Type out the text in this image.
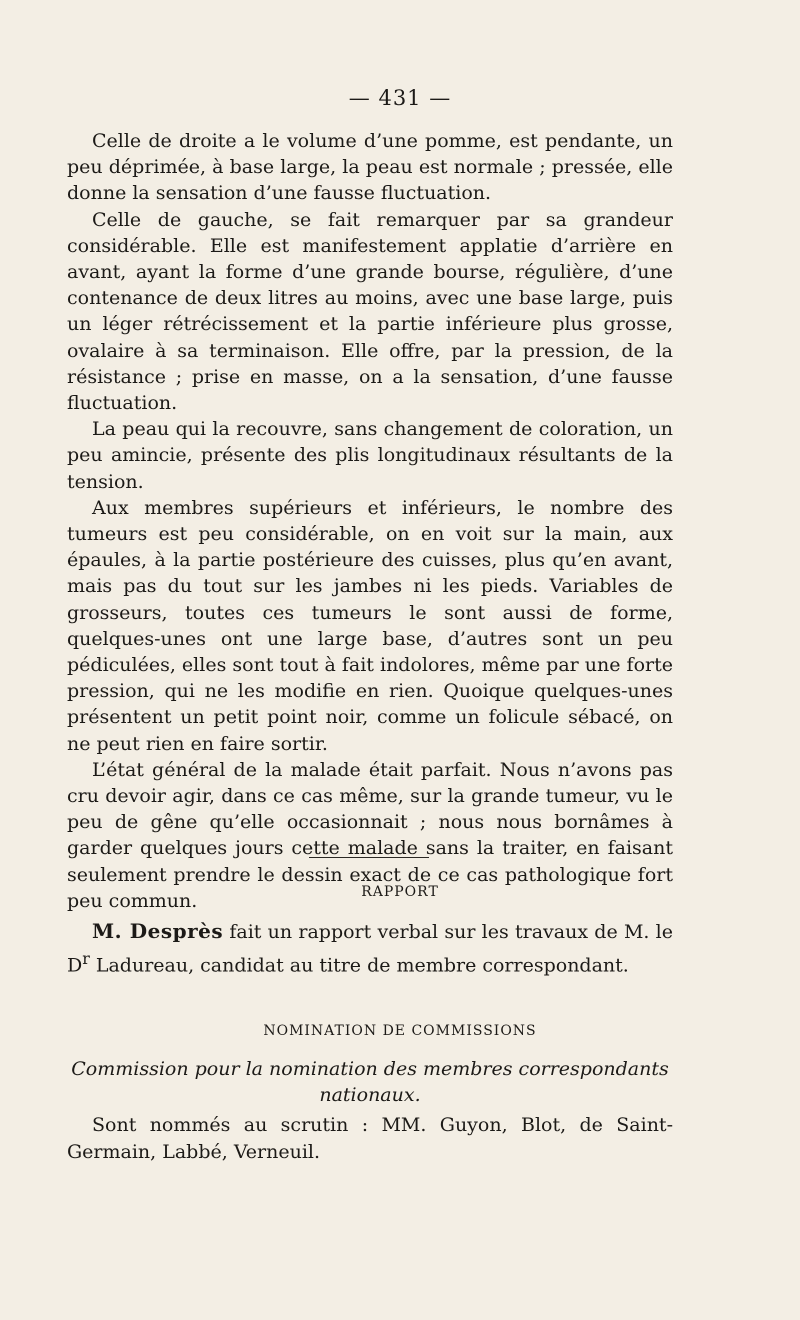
— 431 —

Celle de droite a le volume d’une pomme, est pendante, un peu déprimée, à base large, la peau est normale ; pressée, elle donne la sensation d’une fausse fluctuation.

Celle de gauche, se fait remarquer par sa grandeur considérable. Elle est manifestement applatie d’arrière en avant, ayant la forme d’une grande bourse, régulière, d’une contenance de deux litres au moins, avec une base large, puis un léger rétrécissement et la partie inférieure plus grosse, ovalaire à sa terminaison. Elle offre, par la pression, de la résistance ; prise en masse, on a la sensation, d’une fausse fluctuation.

La peau qui la recouvre, sans changement de coloration, un peu amincie, présente des plis longitudinaux résultants de la tension.

Aux membres supérieurs et inférieurs, le nombre des tumeurs est peu considérable, on en voit sur la main, aux épaules, à la partie postérieure des cuisses, plus qu’en avant, mais pas du tout sur les jambes ni les pieds. Variables de grosseurs, toutes ces tumeurs le sont aussi de forme, quelques-unes ont une large base, d’autres sont un peu pédiculées, elles sont tout à fait indolores, même par une forte pression, qui ne les modifie en rien. Quoique quelques-unes présentent un petit point noir, comme un folicule sébacé, on ne peut rien en faire sortir.

L’état général de la malade était parfait. Nous n’avons pas cru devoir agir, dans ce cas même, sur la grande tumeur, vu le peu de gêne qu’elle occasionnait ; nous nous bornâmes à garder quelques jours cette malade sans la traiter, en faisant seulement prendre le dessin exact de ce cas pathologique fort peu commun.	RAPPORT

M. Desprès fait un rapport verbal sur les travaux de M. le $D^r$ Ladureau, candidat au titre de membre correspondant.

NOMINATION DE COMMISSIONS
Commission pour la nomination des membres correspondants nationaux.

Sont nommés au scrutin : MM. Guyon, Blot, de Saint-Germain, Labbé, Verneuil.
